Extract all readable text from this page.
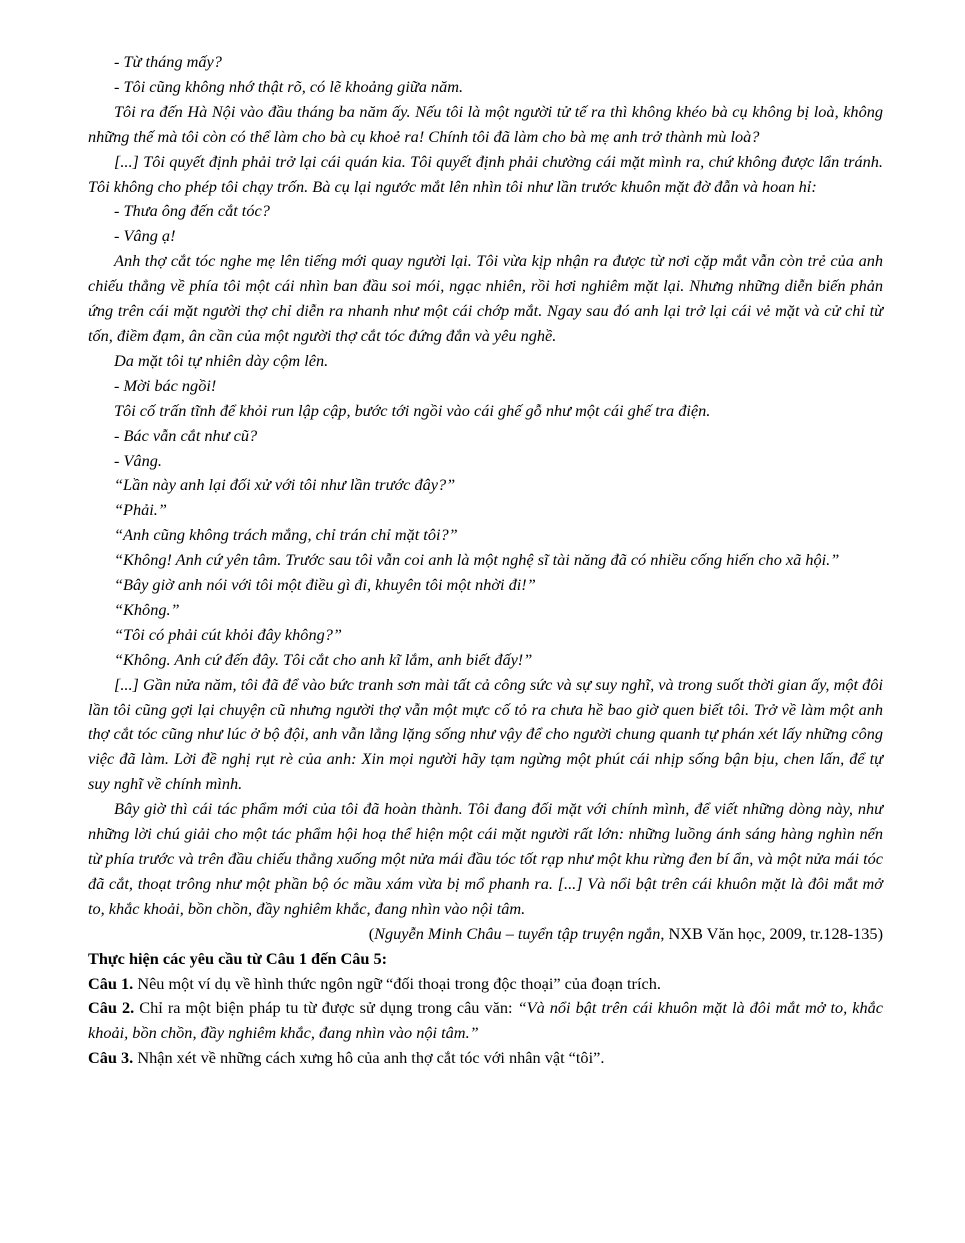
- Từ tháng mấy?

- Tôi cũng không nhớ thật rõ, có lẽ khoảng giữa năm.

Tôi ra đến Hà Nội vào đầu tháng ba năm ấy. Nếu tôi là một người tử tế ra thì không khéo bà cụ không bị loà, không những thế mà tôi còn có thể làm cho bà cụ khoẻ ra! Chính tôi đã làm cho bà mẹ anh trở thành mù loà?

[...] Tôi quyết định phải trở lại cái quán kia. Tôi quyết định phải chường cái mặt mình ra, chứ không được lẩn tránh. Tôi không cho phép tôi chạy trốn. Bà cụ lại ngước mắt lên nhìn tôi như lần trước khuôn mặt đờ đẫn và hoan hỉ:

- Thưa ông đến cắt tóc?

- Vâng ạ!

Anh thợ cắt tóc nghe mẹ lên tiếng mới quay người lại. Tôi vừa kịp nhận ra được từ nơi cặp mắt vẫn còn trẻ của anh chiếu thẳng về phía tôi một cái nhìn ban đầu soi mói, ngạc nhiên, rồi hơi nghiêm mặt lại. Nhưng những diễn biến phản ứng trên cái mặt người thợ chỉ diễn ra nhanh như một cái chớp mắt. Ngay sau đó anh lại trở lại cái vẻ mặt và cử chỉ từ tốn, điềm đạm, ân cần của một người thợ cắt tóc đứng đắn và yêu nghề.

Da mặt tôi tự nhiên dày cộm lên.

- Mời bác ngồi!

Tôi cố trấn tĩnh để khỏi run lập cập, bước tới ngồi vào cái ghế gỗ như một cái ghế tra điện.

- Bác vẫn cắt như cũ?

- Vâng.

“Lần này anh lại đối xử với tôi như lần trước đây?”

“Phải.”

“Anh cũng không trách mắng, chỉ trán chỉ mặt tôi?”

“Không! Anh cứ yên tâm. Trước sau tôi vẫn coi anh là một nghệ sĩ tài năng đã có nhiều cống hiến cho xã hội.”

“Bây giờ anh nói với tôi một điều gì đi, khuyên tôi một nhời đi!”

“Không.”

“Tôi có phải cút khỏi đây không?”

“Không. Anh cứ đến đây. Tôi cắt cho anh kĩ lắm, anh biết đấy!”

[...] Gần nửa năm, tôi đã để vào bức tranh sơn mài tất cả công sức và sự suy nghĩ, và trong suốt thời gian ấy, một đôi lần tôi cũng gợi lại chuyện cũ nhưng người thợ vẫn một mực cố tỏ ra chưa hề bao giờ quen biết tôi. Trở về làm một anh thợ cắt tóc cũng như lúc ở bộ đội, anh vẫn lẳng lặng sống như vậy để cho người chung quanh tự phán xét lấy những công việc đã làm. Lời đề nghị rụt rè của anh: Xin mọi người hãy tạm ngừng một phút cái nhịp sống bận bịu, chen lấn, để tự suy nghĩ về chính mình.

Bây giờ thì cái tác phẩm mới của tôi đã hoàn thành. Tôi đang đối mặt với chính mình, để viết những dòng này, như những lời chú giải cho một tác phẩm hội hoạ thể hiện một cái mặt người rất lớn: những luồng ánh sáng hàng nghìn nến từ phía trước và trên đầu chiếu thẳng xuống một nửa mái đầu tóc tốt rạp như một khu rừng đen bí ẩn, và một nửa mái tóc đã cắt, thoạt trông như một phần bộ óc mầu xám vừa bị mổ phanh ra. [...] Và nổi bật trên cái khuôn mặt là đôi mắt mở to, khắc khoải, bồn chồn, đầy nghiêm khắc, đang nhìn vào nội tâm.

(Nguyễn Minh Châu – tuyển tập truyện ngắn, NXB Văn học, 2009, tr.128-135)

Thực hiện các yêu cầu từ Câu 1 đến Câu 5:

Câu 1. Nêu một ví dụ về hình thức ngôn ngữ “đối thoại trong độc thoại” của đoạn trích.

Câu 2. Chỉ ra một biện pháp tu từ được sử dụng trong câu văn: “Và nổi bật trên cái khuôn mặt là đôi mắt mở to, khắc khoải, bồn chồn, đầy nghiêm khắc, đang nhìn vào nội tâm.”

Câu 3. Nhận xét về những cách xưng hô của anh thợ cắt tóc với nhân vật “tôi”.
